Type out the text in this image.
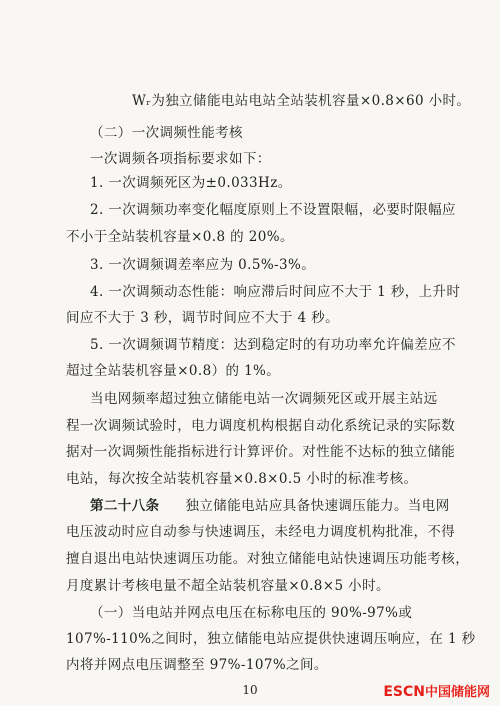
Wᵣ为独立储能电站电站全站装机容量×0.8×60 小时。
（二）一次调频性能考核
一次调频各项指标要求如下：
1. 一次调频死区为±0.033Hz。
2. 一次调频功率变化幅度原则上不设置限幅，必要时限幅应
不小于全站装机容量×0.8 的 20%。
3. 一次调频调差率应为 0.5%-3%。
4. 一次调频动态性能：响应滞后时间应不大于 1 秒，上升时
间应不大于 3 秒，调节时间应不大于 4 秒。
5. 一次调频调节精度：达到稳定时的有功功率允许偏差应不
超过全站装机容量×0.8）的 1%。
当电网频率超过独立储能电站一次调频死区或开展主站远
程一次调频试验时，电力调度机构根据自动化系统记录的实际数
据对一次调频性能指标进行计算评价。对性能不达标的独立储能
电站，每次按全站装机容量×0.8×0.5 小时的标准考核。
第二十八条 独立储能电站应具备快速调压能力。当电网
电压波动时应自动参与快速调压，未经电力调度机构批准，不得
擅自退出电站快速调压功能。对独立储能电站快速调压功能考核，
月度累计考核电量不超全站装机容量×0.8×5 小时。
（一）当电站并网点电压在标称电压的 90%-97%或
107%-110%之间时，独立储能电站应提供快速调压响应，在 1 秒
内将并网点电压调整至 97%-107%之间。
10	ESCN中国储能网
